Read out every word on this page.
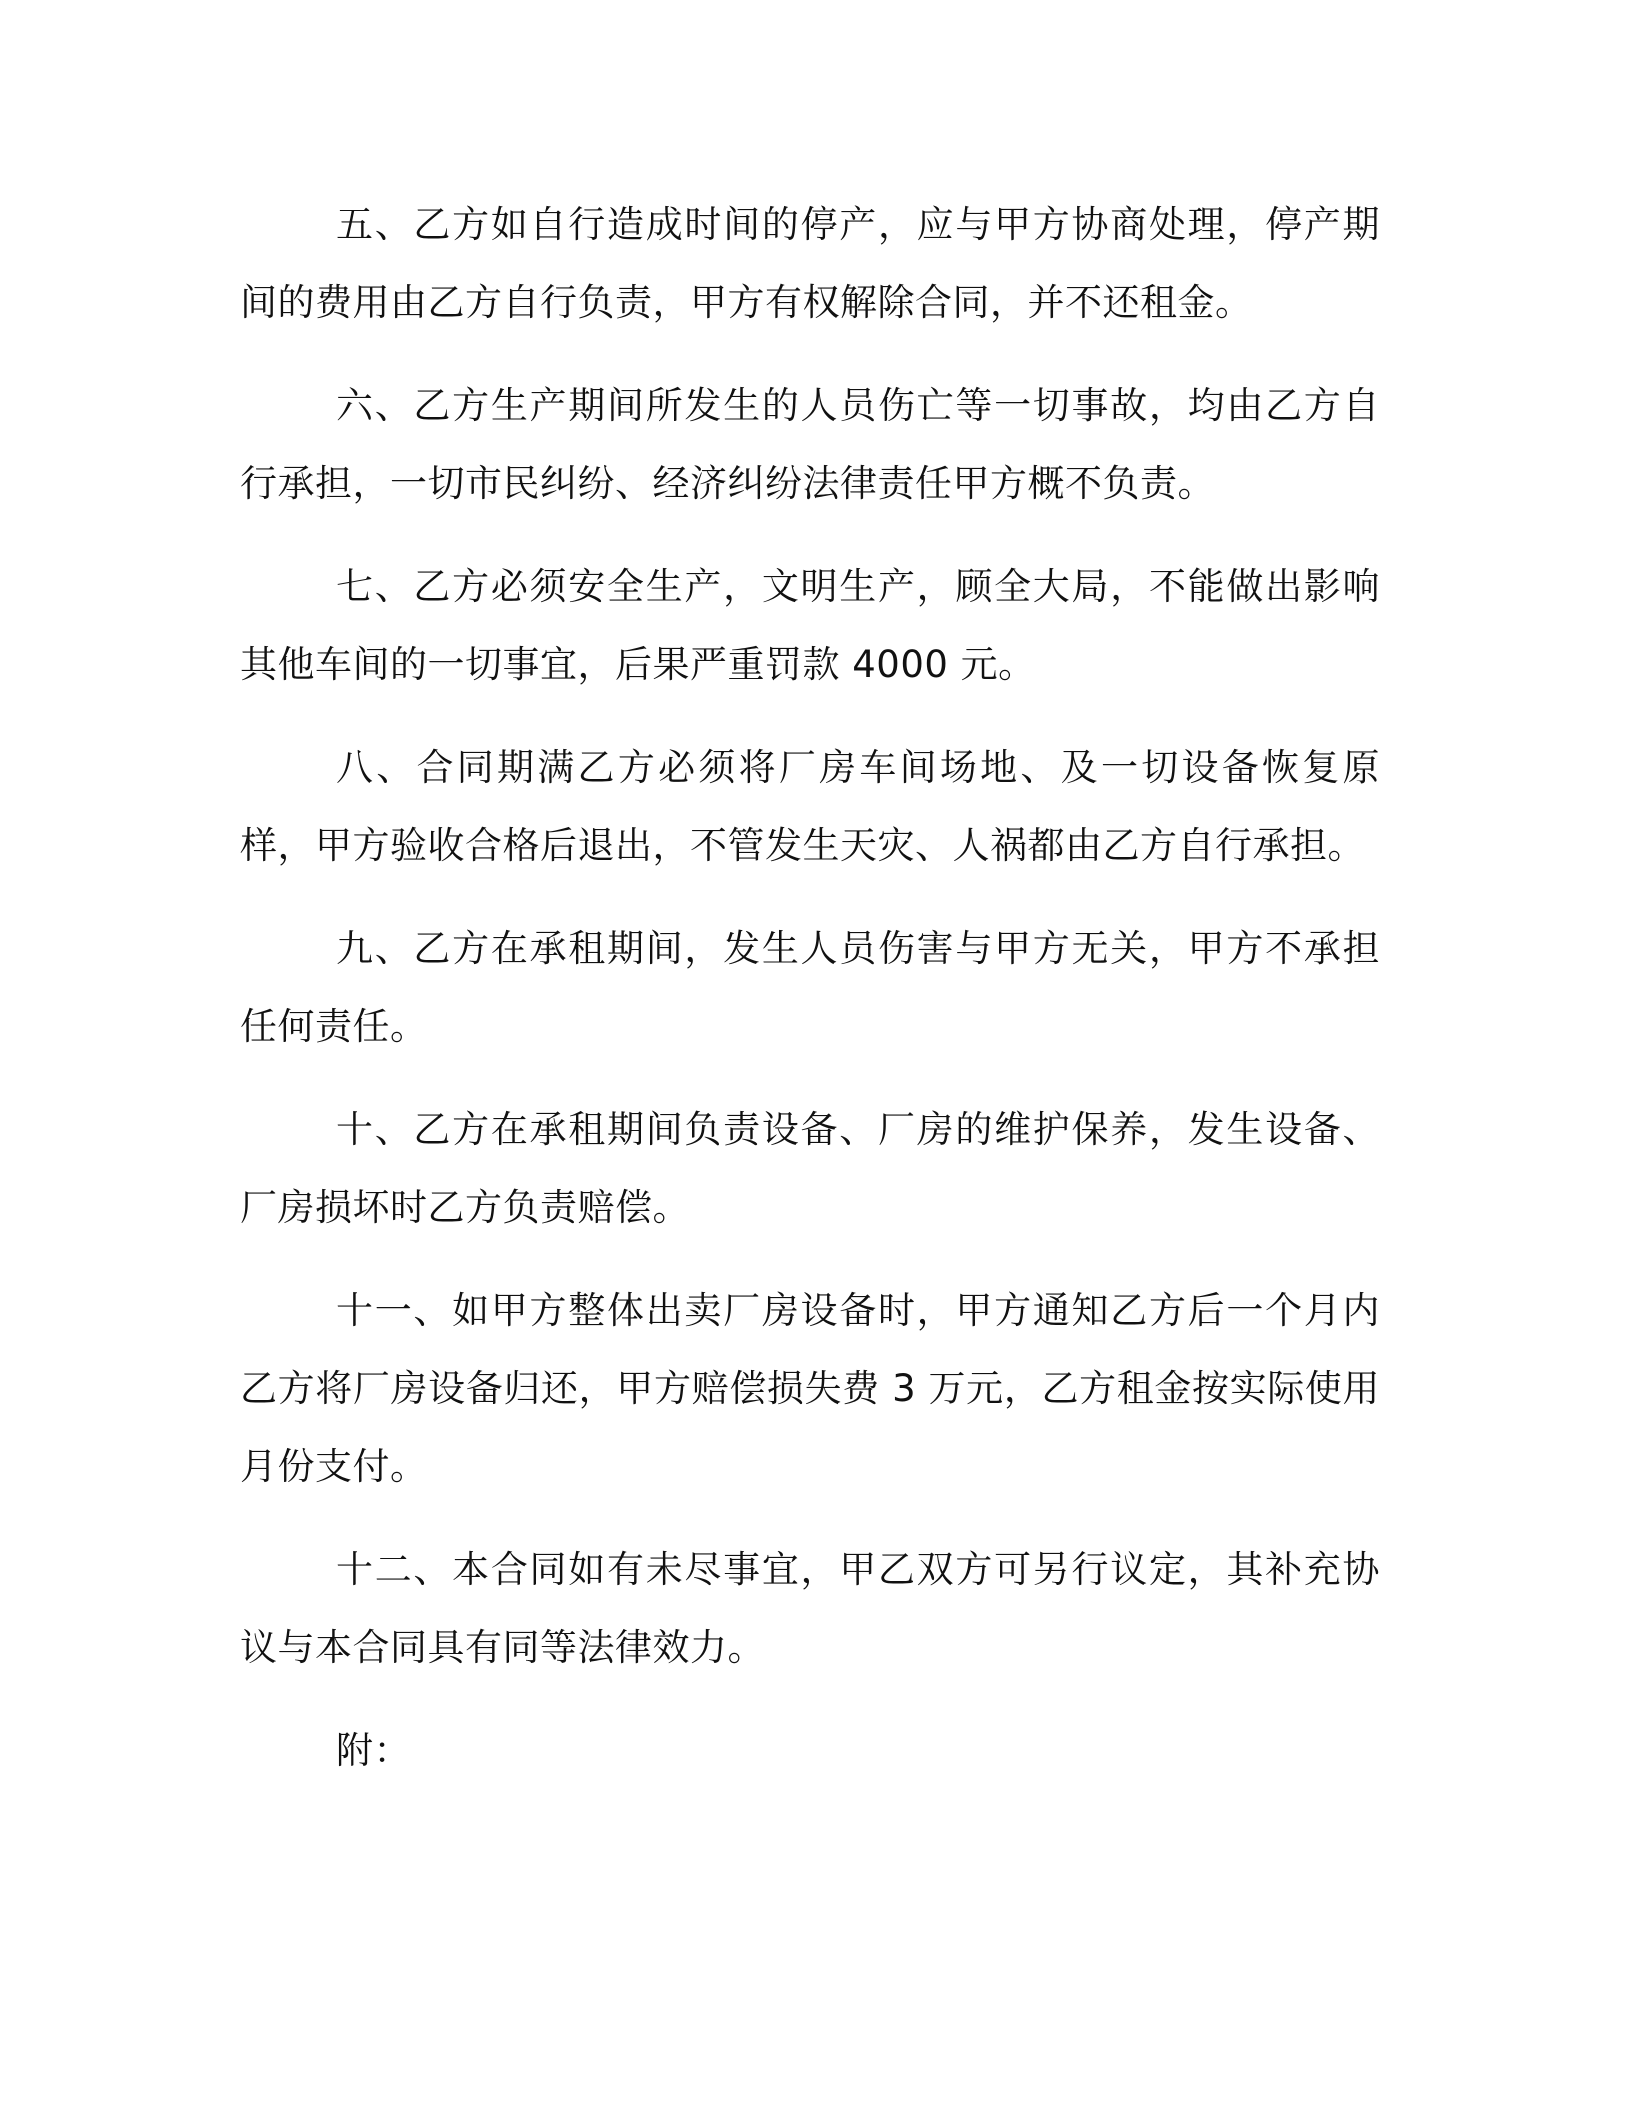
五、乙方如自行造成时间的停产，应与甲方协商处理，停产期间的费用由乙方自行负责，甲方有权解除合同，并不还租金。

六、乙方生产期间所发生的人员伤亡等一切事故，均由乙方自行承担，一切市民纠纷、经济纠纷法律责任甲方概不负责。

七、乙方必须安全生产，文明生产，顾全大局，不能做出影响其他车间的一切事宜，后果严重罚款 4000 元。

八、合同期满乙方必须将厂房车间场地、及一切设备恢复原样，甲方验收合格后退出，不管发生天灾、人祸都由乙方自行承担。

九、乙方在承租期间，发生人员伤害与甲方无关，甲方不承担任何责任。

十、乙方在承租期间负责设备、厂房的维护保养，发生设备、厂房损坏时乙方负责赔偿。

十一、如甲方整体出卖厂房设备时，甲方通知乙方后一个月内乙方将厂房设备归还，甲方赔偿损失费 3 万元，乙方租金按实际使用月份支付。

十二、本合同如有未尽事宜，甲乙双方可另行议定，其补充协议与本合同具有同等法律效力。

附：
